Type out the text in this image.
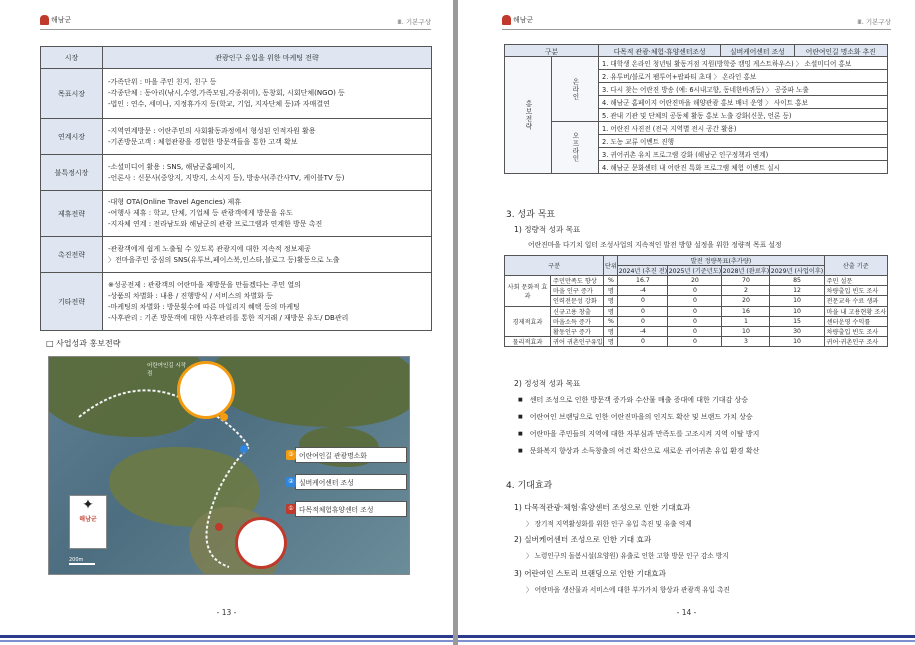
해남군	Ⅲ. 기본구상
시장	관광인구 유입을 위한 마케팅 전략
목표시장	-가족단위 : 마을 주민 친지, 친구 등
-각종단체 : 동아리(낚시,수영,가족모임,각종취미), 동창회, 시회단체(NGO) 등
-법인 : 연수, 세미나, 지정휴가지 등(학교, 기업, 지자단체 등)과 자매결연

연계시장	-지역연계방문 : 어란주민의 사회활동과정에서 형성된 인적자원 활용
-기존방문고객 : 체험관광을 경험한 방문객들을 통한 고객 확보

불특정시장	-소셜미디어 활용 : SNS, 해남군홈페이지,
-언론사 : 신문사(중앙지, 지방지, 소식지 등), 방송사(주간사TV, 케이블TV 등)

제휴전략	-대형 OTA(Online Travel Agencies) 제휴
-여행사 제휴 : 학교, 단체, 기업체 등 관광객에게 방문을 유도
-지자체 연계 : 전라남도와 해남군의 관광 프로그램과 연계한 방문 촉진

촉진전략	-관광객에게 쉽게 노출될 수 있도록 관광지에 대한 지속적 정보제공
〉전마을주민 중심의 SNS(유투브,페이스북,인스타,블로그 등)활동으로 노출

기타전략	※성공전제 : 관광객의 어란마을 재방문을 만들겠다는 주민 열의
-상품의 차별화 : 내용 / 진행방식 / 서비스의 차별화 등
-마케팅의 차별화 : 방문횟수에 따른 마일리지 혜택 등의 마케팅
-사후관리 : 기존 방문객에 대한 사후관리를 통한 직거래 / 재방문 유도/ DB관리
□ 사업성과 홍보전략
어란여인길 시작점
③ 어란여인길 관광명소화
② 실버케어센터 조성
① 다목적체험휴양센터 조성
✦
해남군
200m
- 13 -
해남군	Ⅲ. 기본구상
구분		다목적 관광·체험·휴양센터조성	실버케어센터 조성	어란여인길 명소화 추진
홍보전략	온라인	1. 대학생 온라인 청년팀 활동거점 지원(방학중 캠밍 게스트하우스) 〉 소셜미디어 홍보		
		2. 유투버/블로거 팸투어+팝파티 초대 〉 온라인 홍보		
		3. 다시 찾는 어란진 방송 (예: 6시내고향, 동네한바퀴등) 〉 공중파 노출		
		4. 해남군 홈페이지 어란진마을 해양관광 홍보 배너 운영 〉 사이트 홍보		
		5. 관내 기관 및 단체의 공동체 활동 홍보 노출 강화(신문, 언론 등)		
	오프라인	1. 어란진 사진전 (전국 지역별 전시 공간 활용)		
		2. 도농 교류 이벤트 진행		
		3. 귀어귀촌 유치 프로그램 강화 (해남군 인구정책과 연계)		
		4. 해남군 문화센터 내 어란진 특화 프로그램 체험 이벤트 실시		
3. 성과 목표
1) 정량적 성과 목표
어란진마을 다기치 일터 조성사업의 지속적인 발전 방향 설정을 위한 정량적 목표 설정
구분		단위	발전 정량목표(추가량)				산출 기준
			2024년 (추진 전)	2025년 (기준년도)	2028년 (완료후)	2029년 (사업이후)	
사회 문화적 효과	주민만족도 향상	%	16.7	20	70	85	주민 설문
	마을 인구 증가	명	-4	0	2	12	차량출입 빈도 조사
	인력전문성 강화	명	0	0	20	10	전문교육 수료 생과
경제적효과	신규고용 창출	명	0	0	16	10	마을 내 고용현황 조사
	마을소득 증가	%	0	0	1	15	센터운영 수익률
	활동인구 증가	명	-4	0	10	30	차량출입 빈도 조사
물리적효과	귀어 귀촌인구유입	명	0	0	3	10	귀어·귀촌인구 조사
2) 정성적 성과 목표
■ 센터 조성으로 인한 방문객 증가와 수산물 매출 증대에 대한 기대감 상승
■ 어란여인 브랜딩으로 인한 어란진마을의 인지도 확산 및 브랜드 가치 상승
■ 어란마을 주민들의 지역에 대한 자부심과 만족도를 고조시켜 지역 이탈 방지
■ 문화복지 향상과 소득창출의 여건 확산으로 새로운 귀어귀촌 유입 환경 확산
4. 기대효과
1) 다목적관광·체험·휴양센터 조성으로 인한 기대효과
〉 장기적 지역활성화를 위한 인구 유입 촉진 및 유출 억제
2) 실버케어센터 조성으로 인한 기대 효과
〉 노령인구의 돌봄시설(요양원) 유출로 인한 고향 방문 인구 감소 방지
3) 어란여인 스토리 브랜딩으로 인한 기대효과
〉 어란마을 생산물과 서비스에 대한 부가가치 향상과 관광객 유입 촉진
- 14 -
